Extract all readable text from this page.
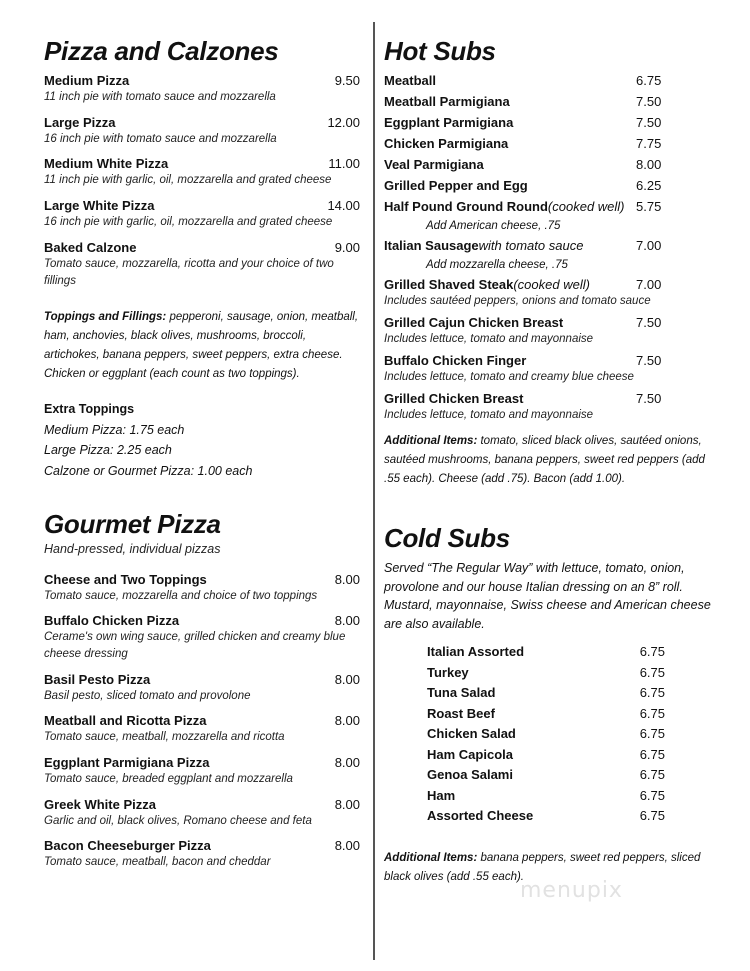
Pizza and Calzones
Medium Pizza	9.50
11 inch pie with tomato sauce and mozzarella
Large Pizza	12.00
16 inch pie with tomato sauce and mozzarella
Medium White Pizza	11.00
11 inch pie with garlic, oil, mozzarella and grated cheese
Large White Pizza	14.00
16 inch pie with garlic, oil, mozzarella and grated cheese
Baked Calzone	9.00
Tomato sauce, mozzarella, ricotta and your choice of two fillings
Toppings and Fillings: pepperoni, sausage, onion, meatball, ham, anchovies, black olives, mushrooms, broccoli, artichokes, banana peppers, sweet peppers, extra cheese. Chicken or eggplant (each count as two toppings).
Extra Toppings
Medium Pizza: 1.75 each
Large Pizza: 2.25 each
Calzone or Gourmet Pizza: 1.00 each
Gourmet Pizza
Hand-pressed, individual pizzas
Cheese and Two Toppings	8.00
Tomato sauce, mozzarella and choice of two toppings
Buffalo Chicken Pizza	8.00
Cerame's own wing sauce, grilled chicken and creamy blue cheese dressing
Basil Pesto Pizza	8.00
Basil pesto, sliced tomato and provolone
Meatball and Ricotta Pizza	8.00
Tomato sauce, meatball, mozzarella and ricotta
Eggplant Parmigiana Pizza	8.00
Tomato sauce, breaded eggplant and mozzarella
Greek White Pizza	8.00
Garlic and oil, black olives, Romano cheese and feta
Bacon Cheeseburger Pizza	8.00
Tomato sauce, meatball, bacon and cheddar
Hot Subs
Meatball	6.75
Meatball Parmigiana	7.50
Eggplant Parmigiana	7.50
Chicken Parmigiana	7.75
Veal Parmigiana	8.00
Grilled Pepper and Egg	6.25
Half Pound Ground Round (cooked well) 5.75
Add American cheese, .75
Italian Sausage with tomato sauce	7.00
Add mozzarella cheese, .75
Grilled Shaved Steak (cooked well)	7.00
Includes sautéed peppers, onions and tomato sauce
Grilled Cajun Chicken Breast	7.50
Includes lettuce, tomato and mayonnaise
Buffalo Chicken Finger	7.50
Includes lettuce, tomato and creamy blue cheese
Grilled Chicken Breast	7.50
Includes lettuce, tomato and mayonnaise
Additional Items: tomato, sliced black olives, sautéed onions, sautéed mushrooms, banana peppers, sweet red peppers (add .55 each). Cheese (add .75). Bacon (add 1.00).
Cold Subs
Served “The Regular Way” with lettuce, tomato, onion, provolone and our house Italian dressing on an 8” roll. Mustard, mayonnaise, Swiss cheese and American cheese are also available.
Italian Assorted	6.75
Turkey	6.75
Tuna Salad	6.75
Roast Beef	6.75
Chicken Salad	6.75
Ham Capicola	6.75
Genoa Salami	6.75
Ham	6.75
Assorted Cheese	6.75
Additional Items: banana peppers, sweet red peppers, sliced black olives (add .55 each).
menupix
